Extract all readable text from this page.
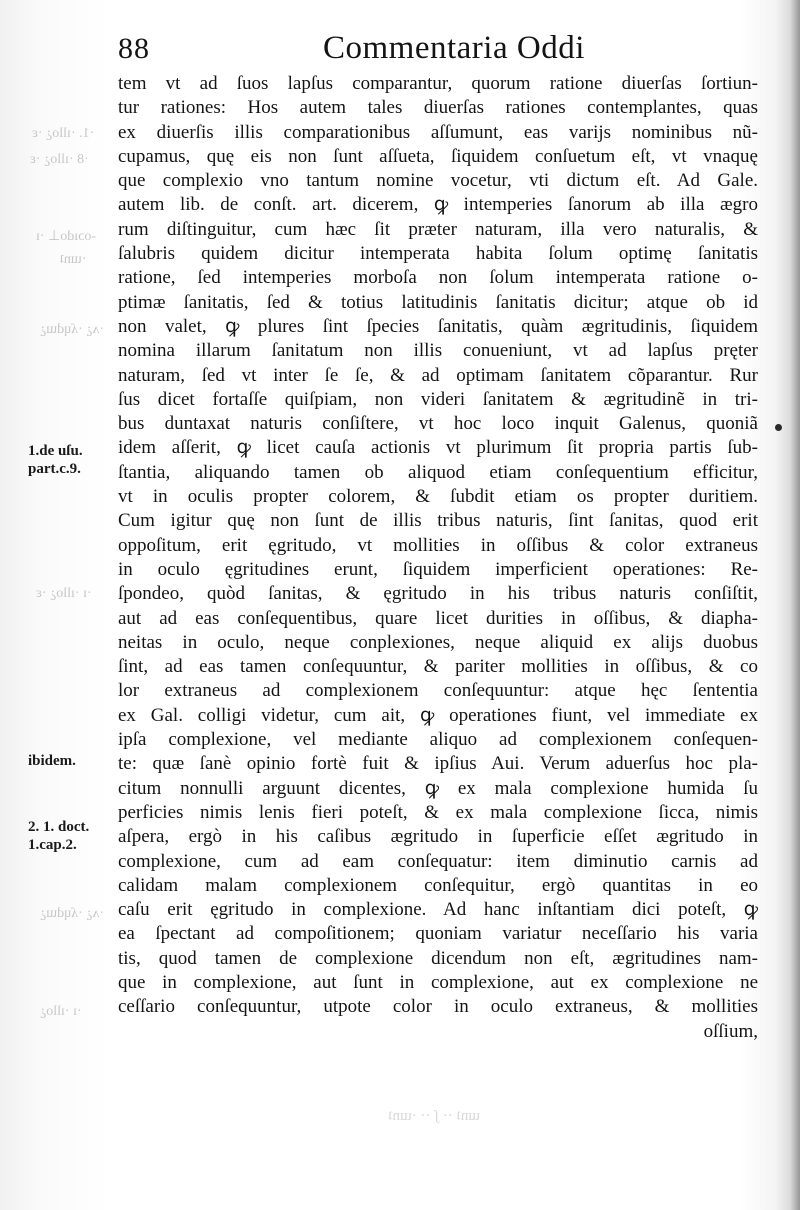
88	Commentaria Oddi
·1. ·ıllo¿ ·ɛ
·8 ·ıllo¿ ·ɛ
-oɔıdo⊥ ·ı
·ɯnʇ
·ʌ¿ ·ʎɥdɯ¿
·ı ·ıllo¿ ·ɛ
·ʌ¿ ·ʎɥdɯ¿
·ı ·ıllo¿
ɯnʇ ·· ʃ ·· ·ɯnʇ
1.de uſu.
part.c.9.
ibidem.
2. 1. doct.
1.cap.2.
tem vt ad ſuos lapſus comparantur, quorum ratione diuerſas ſortiun-
tur rationes: Hos autem tales diuerſas rationes contemplantes, quas
ex diuerſis illis comparationibus aſſumunt, eas varijs nominibus nũ-
cupamus, quę eis non ſunt aſſueta, ſiquidem conſuetum eſt, vt vnaquę
que complexio vno tantum nomine vocetur, vti dictum eſt. Ad Gale.
autem lib. de conſt. art. dicerem, ꝙ intemperies ſanorum ab illa ægro
rum diſtinguitur, cum hæc ſit præter naturam, illa vero naturalis, &
ſalubris quidem dicitur intemperata habita ſolum optimę ſanitatis
ratione, ſed intemperies morboſa non ſolum intemperata ratione o-
ptimæ ſanitatis, ſed & totius latitudinis ſanitatis dicitur; atque ob id
non valet, ꝙ plures ſint ſpecies ſanitatis, quàm ægritudinis, ſiquidem
nomina illarum ſanitatum non illis conueniunt, vt ad lapſus pręter
naturam, ſed vt inter ſe ſe, & ad optimam ſanitatem cõparantur. Rur
ſus dicet fortaſſe quiſpiam, non videri ſanitatem & ægritudinẽ in tri-
bus duntaxat naturis conſiſtere, vt hoc loco inquit Galenus, quoniã
idem aſſerit, ꝙ licet cauſa actionis vt plurimum ſit propria partis ſub-
ſtantia, aliquando tamen ob aliquod etiam conſequentium efficitur,
vt in oculis propter colorem, & ſubdit etiam os propter duritiem.
Cum igitur quę non ſunt de illis tribus naturis, ſint ſanitas, quod erit
oppoſitum, erit ęgritudo, vt mollities in oſſibus & color extraneus
in oculo ęgritudines erunt, ſiquidem imperficient operationes: Re-
ſpondeo, quòd ſanitas, & ęgritudo in his tribus naturis conſiſtit,
aut ad eas conſequentibus, quare licet durities in oſſibus, & diapha-
neitas in oculo, neque conplexiones, neque aliquid ex alijs duobus
ſint, ad eas tamen conſequuntur, & pariter mollities in oſſibus, & co
lor extraneus ad complexionem conſequuntur: atque hęc ſententia
ex Gal. colligi videtur, cum ait, ꝙ operationes fiunt, vel immediate ex
ipſa complexione, vel mediante aliquo ad complexionem conſequen-
te: quæ ſanè opinio fortè fuit & ipſius Aui. Verum aduerſus hoc pla-
citum nonnulli arguunt dicentes, ꝙ ex mala complexione humida ſu
perficies nimis lenis fieri poteſt, & ex mala complexione ſicca, nimis
aſpera, ergò in his caſibus ægritudo in ſuperficie eſſet ægritudo in
complexione, cum ad eam conſequatur: item diminutio carnis ad
calidam malam complexionem conſequitur, ergò quantitas in eo
caſu erit ęgritudo in complexione. Ad hanc inſtantiam dici poteſt, ꝙ
ea ſpectant ad compoſitionem; quoniam variatur neceſſario his varia
tis, quod tamen de complexione dicendum non eſt, ægritudines nam-
que in complexione, aut ſunt in complexione, aut ex complexione ne
ceſſario conſequuntur, utpote color in oculo extraneus, & mollities
oſſium,
